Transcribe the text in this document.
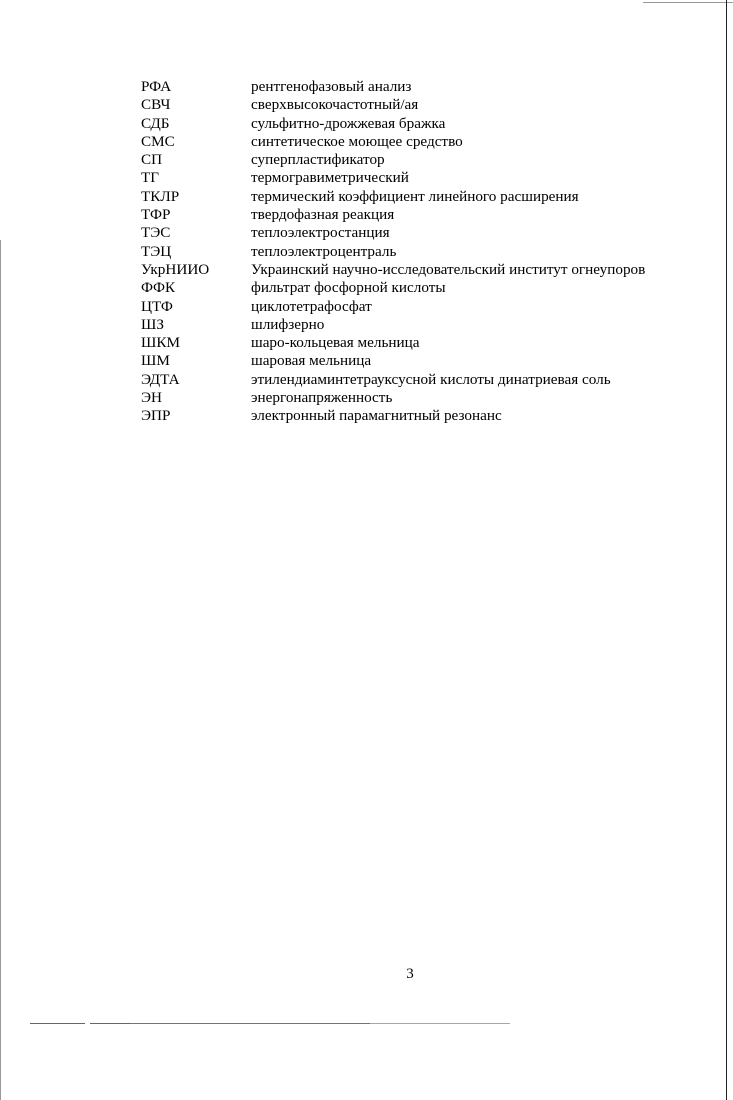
РФА	рентгенофазовый анализ
СВЧ	сверхвысокочастотный/ая
СДБ	сульфитно-дрожжевая бражка
СМС	синтетическое моющее средство
СП	суперпластификатор
ТГ	термогравиметрический
ТКЛР	термический коэффициент линейного расширения
ТФР	твердофазная реакция
ТЭС	теплоэлектростанция
ТЭЦ	теплоэлектроцентраль
УкрНИИО	Украинский научно-исследовательский институт огнеупоров
ФФК	фильтрат фосфорной кислоты
ЦТФ	циклотетрафосфат
ШЗ	шлифзерно
ШКМ	шаро-кольцевая мельница
ШМ	шаровая мельница
ЭДТА	этилендиаминтетрауксусной кислоты динатриевая соль
ЭН	энергонапряженность
ЭПР	электронный парамагнитный резонанс
3
